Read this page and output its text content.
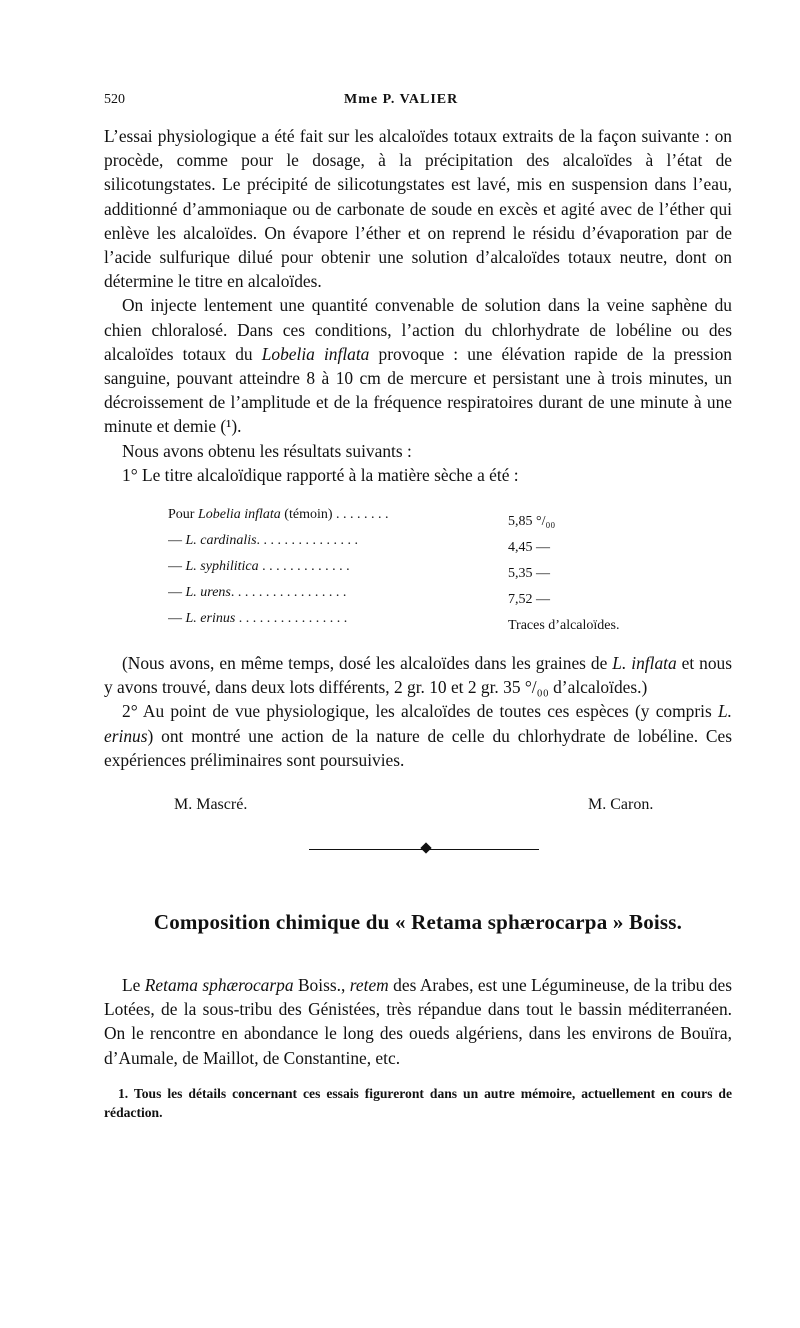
520	Mme P. VALIER

L’essai physiologique a été fait sur les alcaloïdes totaux extraits de la façon suivante : on procède, comme pour le dosage, à la précipitation des alcaloïdes à l’état de silicotungstates. Le précipité de silicotungstates est lavé, mis en suspension dans l’eau, additionné d’ammoniaque ou de carbonate de soude en excès et agité avec de l’éther qui enlève les alcaloïdes. On évapore l’éther et on reprend le résidu d’évaporation par de l’acide sulfurique dilué pour obtenir une solution d’alcaloïdes totaux neutre, dont on détermine le titre en alcaloïdes.

On injecte lentement une quantité convenable de solution dans la veine saphène du chien chloralosé. Dans ces conditions, l’action du chlorhydrate de lobéline ou des alcaloïdes totaux du Lobelia inflata provoque : une élévation rapide de la pression sanguine, pouvant atteindre 8 à 10 cm de mercure et persistant une à trois minutes, un décroissement de l’amplitude et de la fréquence respiratoires durant de une minute à une minute et demie (¹).

Nous avons obtenu les résultats suivants :

1° Le titre alcaloïdique rapporté à la matière sèche a été :

Pour Lobelia inflata (témoin) . . . . . . . .	5,85 °/₀₀
— L. cardinalis. . . . . . . . . . . . . . .	4,45 —
— L. syphilitica . . . . . . . . . . . . .	5,35 —
— L. urens. . . . . . . . . . . . . . . . .	7,52 —
— L. erinus . . . . . . . . . . . . . . . .	Traces d’alcaloïdes.

(Nous avons, en même temps, dosé les alcaloïdes dans les graines de L. inflata et nous y avons trouvé, dans deux lots différents, 2 gr. 10 et 2 gr. 35 °/₀₀ d’alcaloïdes.)

2° Au point de vue physiologique, les alcaloïdes de toutes ces espèces (y compris L. erinus) ont montré une action de la nature de celle du chlorhydrate de lobéline. Ces expériences préliminaires sont poursuivies.

M. Mascré.	M. Caron.
Composition chimique du « Retama sphærocarpa » Boiss.

Le Retama sphærocarpa Boiss., retem des Arabes, est une Légumineuse, de la tribu des Lotées, de la sous-tribu des Génistées, très répandue dans tout le bassin méditerranéen. On le rencontre en abondance le long des oueds algériens, dans les environs de Bouïra, d’Aumale, de Maillot, de Constantine, etc.

1. Tous les détails concernant ces essais figureront dans un autre mémoire, actuellement en cours de rédaction.
